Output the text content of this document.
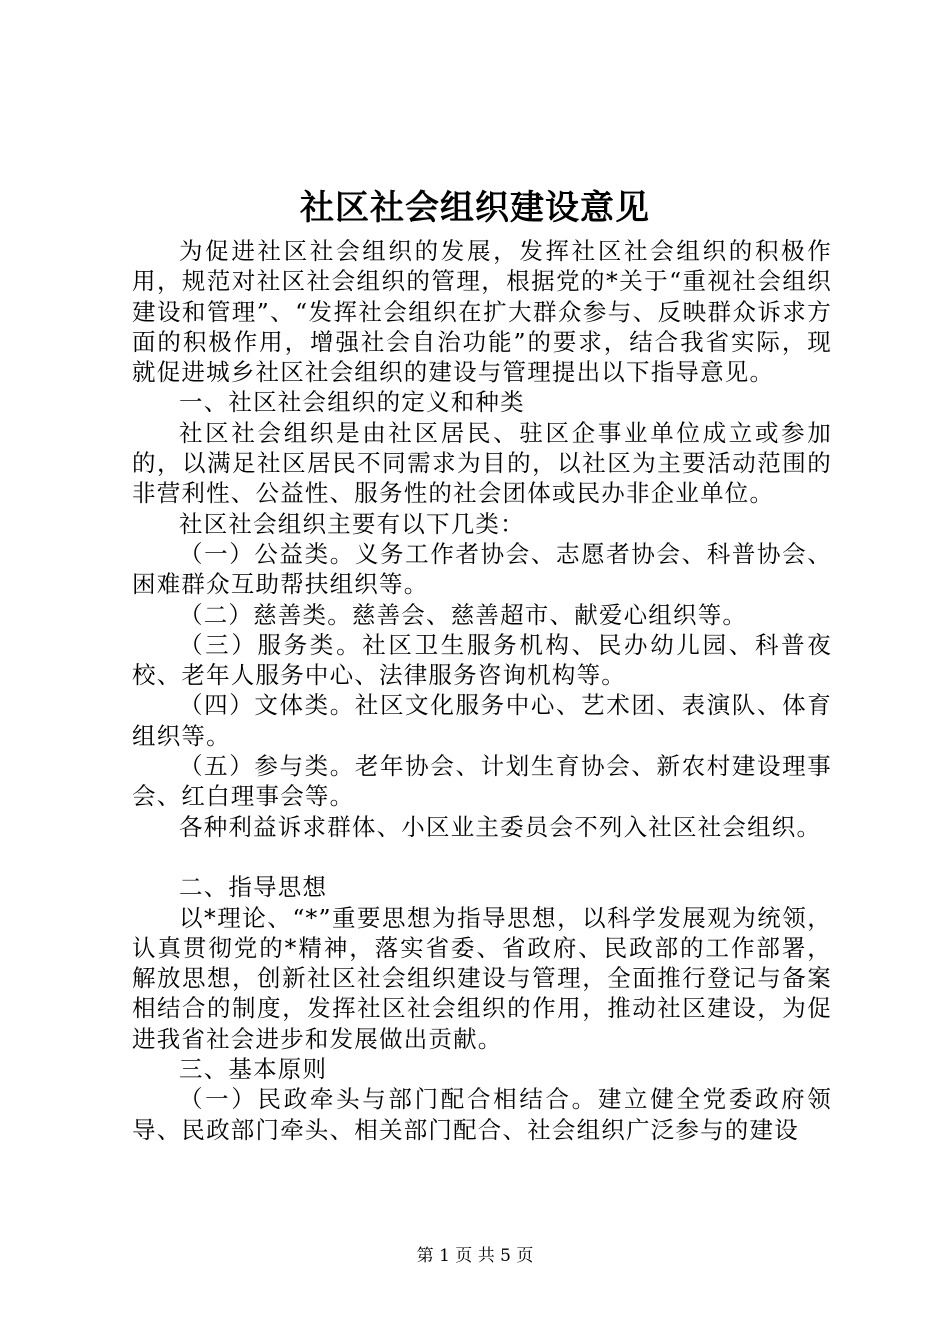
社区社会组织建设意见

为促进社区社会组织的发展，发挥社区社会组织的积极作用，规范对社区社会组织的管理，根据党的*关于“重视社会组织建设和管理”、“发挥社会组织在扩大群众参与、反映群众诉求方面的积极作用，增强社会自治功能”的要求，结合我省实际，现就促进城乡社区社会组织的建设与管理提出以下指导意见。

一、社区社会组织的定义和种类

社区社会组织是由社区居民、驻区企事业单位成立或参加的，以满足社区居民不同需求为目的，以社区为主要活动范围的非营利性、公益性、服务性的社会团体或民办非企业单位。

社区社会组织主要有以下几类：

（一）公益类。义务工作者协会、志愿者协会、科普协会、困难群众互助帮扶组织等。

（二）慈善类。慈善会、慈善超市、献爱心组织等。

（三）服务类。社区卫生服务机构、民办幼儿园、科普夜校、老年人服务中心、法律服务咨询机构等。

（四）文体类。社区文化服务中心、艺术团、表演队、体育组织等。

（五）参与类。老年协会、计划生育协会、新农村建设理事会、红白理事会等。

各种利益诉求群体、小区业主委员会不列入社区社会组织。

二、指导思想

以*理论、“*”重要思想为指导思想，以科学发展观为统领，认真贯彻党的*精神，落实省委、省政府、民政部的工作部署，解放思想，创新社区社会组织建设与管理，全面推行登记与备案相结合的制度，发挥社区社会组织的作用，推动社区建设，为促进我省社会进步和发展做出贡献。

三、基本原则

（一）民政牵头与部门配合相结合。建立健全党委政府领导、民政部门牵头、相关部门配合、社会组织广泛参与的建设

第 1 页 共 5 页
